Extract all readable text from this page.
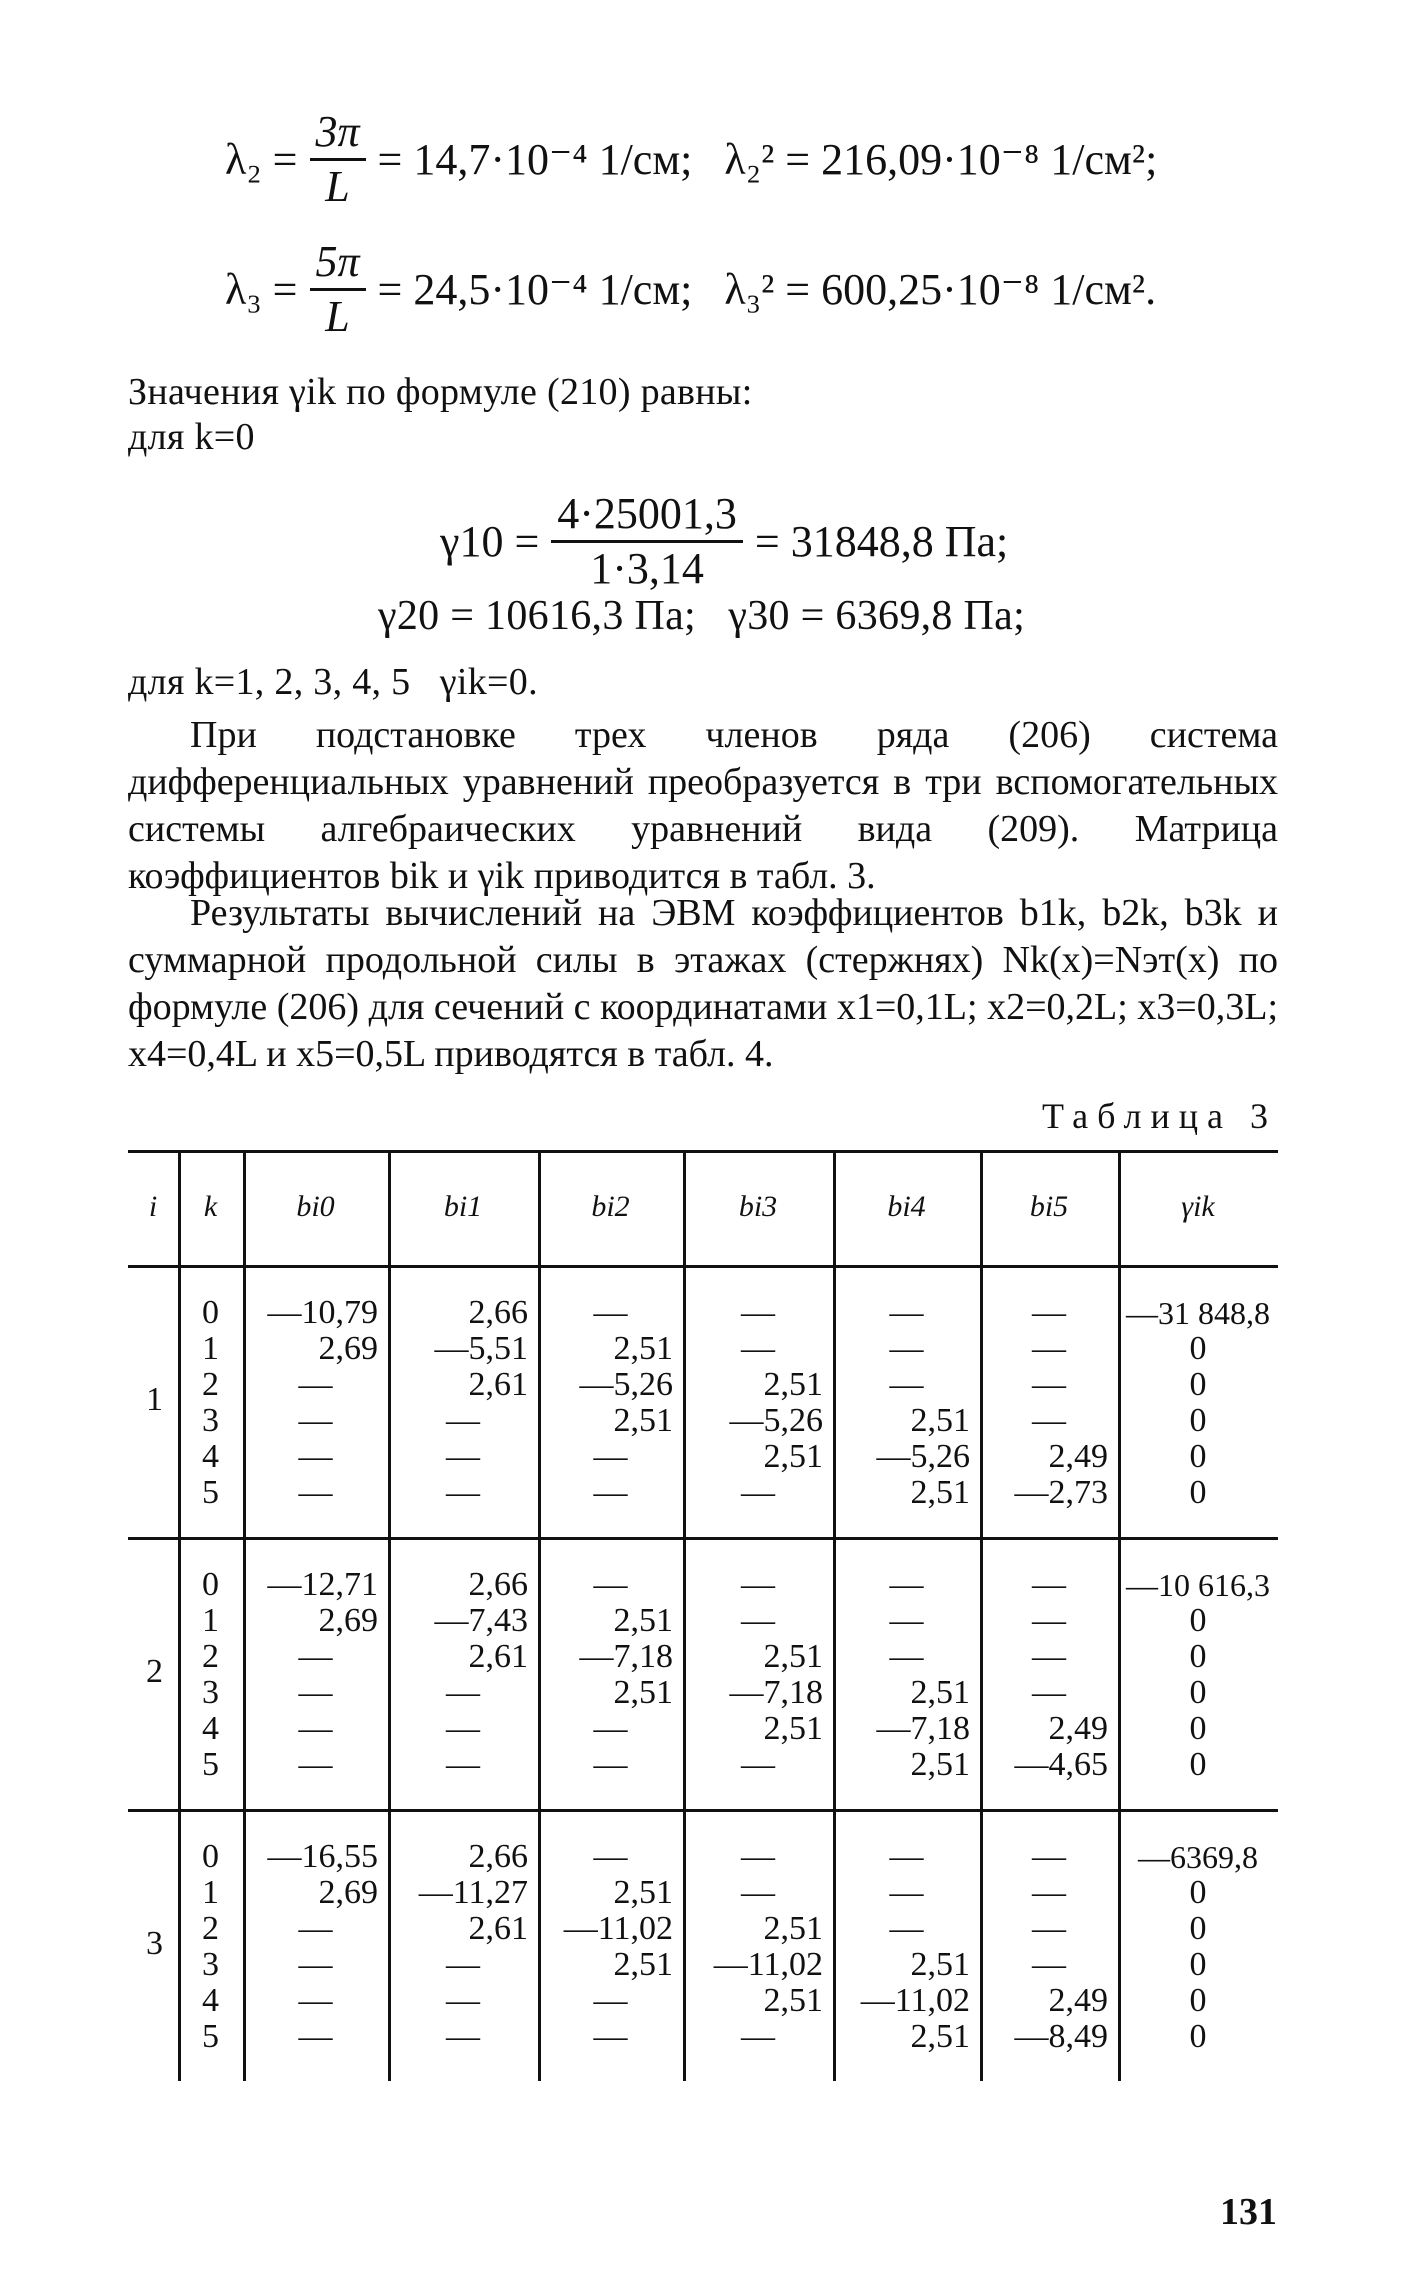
$\lambda_2 = \frac{3\pi}{L} = 14,7\cdot 10^{-4}$ 1/см; λ₂² = 216,09·10⁻⁸ 1/см²;
$\lambda_3 = \frac{5\pi}{L} = 24,5\cdot 10^{-4}$ 1/см; λ₃² = 600,25·10⁻⁸ 1/см².
Значения γik по формуле (210) равны:
для k=0
$\gamma 10 = \frac{4\cdot 25001,3}{1\cdot 3,14} = 31848,8$ Па;
γ20 = 10616,3 Па;   γ30 = 6369,8 Па;
для k=1, 2, 3, 4, 5   γik=0.
При подстановке трех членов ряда (206) система дифференциальных уравнений преобразуется в три вспомогательных системы алгебраических уравнений вида (209). Матрица коэффициентов bik и γik приводится в табл. 3.
Результаты вычислений на ЭВМ коэффициентов b1k, b2k, b3k и суммарной продольной силы в этажах (стержнях) Nk(x)=Nэт(x) по формуле (206) для сечений с координатами x1=0,1L; x2=0,2L; x3=0,3L; x4=0,4L и x5=0,5L приводятся в табл. 4.
Таблица 3
i	k	bi0	bi1	bi2	bi3	bi4	bi5	γik
1
0	—10,79	2,66	—	—	—	—	—31 848,8
1	2,69	—5,51	2,51	—	—	—	0
2	—	2,61	—5,26	2,51	—	—	0
3	—	—	2,51	—5,26	2,51	—	0
4	—	—	—	2,51	—5,26	2,49	0
5	—	—	—	—	2,51	—2,73	0
2
0	—12,71	2,66	—	—	—	—	—10 616,3
1	2,69	—7,43	2,51	—	—	—	0
2	—	2,61	—7,18	2,51	—	—	0
3	—	—	2,51	—7,18	2,51	—	0
4	—	—	—	2,51	—7,18	2,49	0
5	—	—	—	—	2,51	—4,65	0
3
0	—16,55	2,66	—	—	—	—	—6369,8
1	2,69	—11,27	2,51	—	—	—	0
2	—	2,61	—11,02	2,51	—	—	0
3	—	—	2,51	—11,02	2,51	—	0
4	—	—	—	2,51	—11,02	2,49	0
5	—	—	—	—	2,51	—8,49	0
131
